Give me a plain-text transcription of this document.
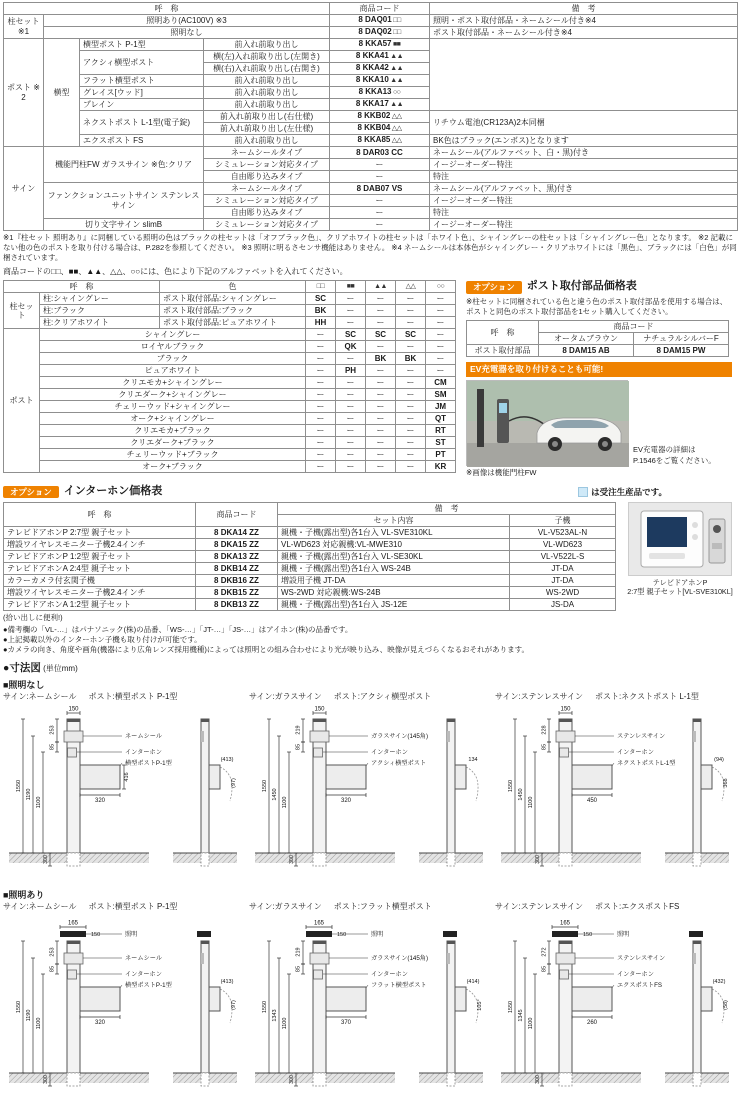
呼　称				商品コード	備　考
柱セット ※1	照明あり(AC100V) ※3			8 DAQ01 □□	照明・ポスト取付部品・ネームシール付き※4
	照明なし			8 DAQ02 □□	ポスト取付部品・ネームシール付き※4
ポスト ※2	横型	横型ポスト P-1型	前入れ前取り出し	8 KKA57 ■■	
		アクシィ横型ポスト	横(左)入れ前取り出し(左開き)	8 KKA41 ▲▲	
			横(右)入れ前取り出し(右開き)	8 KKA42 ▲▲	
		フラット横型ポスト	前入れ前取り出し	8 KKA10 ▲▲	
		グレイス[ウッド]	前入れ前取り出し	8 KKA13 ○○	
		プレイン	前入れ前取り出し	8 KKA17 ▲▲	
		ネクストポスト L-1型(電子錠)	前入れ前取り出し(右仕様)	8 KKB02 △△	リチウム電池(CR123A)2本同梱
			前入れ前取り出し(左仕様)	8 KKB04 △△	
		エクスポスト FS	前入れ前取り出し	8 KKA85 △△	BK色はブラック(エンボス)となります
サイン	機能門柱FW ガラスサイン ※色:クリア		ネームシールタイプ	8 DAR03 CC	ネームシール(アルファベット、白・黒)付き
			シミュレーション対応タイプ	ー	イージーオーダー特注
			自由彫り込みタイプ	ー	特注
	ファンクションユニットサイン ステンレスサイン		ネームシールタイプ	8 DAB07 VS	ネームシール(アルファベット、黒)付き
			シミュレーション対応タイプ	ー	イージーオーダー特注
			自由彫り込みタイプ	ー	特注
	切り文字サイン slimB		シミュレーション対応タイプ	ー	イージーオーダー特注
※1『柱セット 照明あり』に同梱している照明の色はブラックの柱セットは「オフブラック色」、クリアホワイトの柱セットは「ホワイト色」、シャイングレーの柱セットは「シャイングレー色」となります。 ※2 記載にない他の色のポストを取り付ける場合は、P.282を参照してください。 ※3 照明に明るさセンサ機能はありません。 ※4 ネームシールは本体色がシャイングレー・クリアホワイトには「黒色」、ブラックには「白色」が同梱されています。
商品コードの□□、■■、▲▲、△△、○○には、色により下記のアルファベットを入れてください。
呼　称		色	□□	■■	▲▲	△△	○○
柱セット	柱:シャイングレー	ポスト取付部品:シャイングレー	SC	ー	ー	ー	ー
	柱:ブラック	ポスト取付部品:ブラック	BK	ー	ー	ー	ー
	柱:クリアホワイト	ポスト取付部品:ピュアホワイト	HH	ー	ー	ー	ー
ポスト	シャイングレー		ー	SC	SC	SC	ー
	ロイヤルブラック		ー	QK	ー	ー	ー
	ブラック		ー	ー	BK	BK	ー
	ピュアホワイト		ー	PH	ー	ー	ー
	クリエモカ+シャイングレー		ー	ー	ー	ー	CM
	クリエダーク+シャイングレー		ー	ー	ー	ー	SM
	チェリーウッド+シャイングレー		ー	ー	ー	ー	JM
	オーク+シャイングレー		ー	ー	ー	ー	QT
	クリエモカ+ブラック		ー	ー	ー	ー	RT
	クリエダーク+ブラック		ー	ー	ー	ー	ST
	チェリーウッド+ブラック		ー	ー	ー	ー	PT
	オーク+ブラック		ー	ー	ー	ー	KR
オプション	ポスト取付部品価格表
※柱セットに同梱されている色と違う色のポスト取付部品を使用する場合は、ポストと同色のポスト取付部品を1セット購入してください。
呼　称	商品コード	
	オータムブラウン	ナチュラルシルバーF
ポスト取付部品	8 DAM15 AB	8 DAM15 PW
EV充電器を取り付けることも可能!
EV充電器の詳細は
P.1546をご覧ください。
※画像は機能門柱FW
オプション	インターホン価格表	は受注生産品です。
呼　称	商品コード	備　考	
		セット内容	子機
テレビドアホンP 2:7型 親子セット	8 DKA14 ZZ	親機・子機(露出型)各1台入 VL-SVE310KL	VL-V523AL-N
増設ワイヤレスモニター子機2.4インチ	8 DKA15 ZZ	VL-WD623 対応親機:VL-MWE310	VL-WD623
テレビドアホンP 1:2型 親子セット	8 DKA13 ZZ	親機・子機(露出型)各1台入 VL-SE30KL	VL-V522L-S
テレビドアホンA 2:4型 親子セット	8 DKB14 ZZ	親機・子機(露出型)各1台入 WS-24B	JT-DA
カラーカメラ付玄関子機	8 DKB16 ZZ	増設用子機 JT-DA	JT-DA
増設ワイヤレスモニター子機2.4インチ	8 DKB15 ZZ	WS-2WD 対応親機:WS-24B	WS-2WD
テレビドアホンA 1:2型 親子セット	8 DKB13 ZZ	親機・子機(露出型)各1台入 JS-12E	JS-DA
(拾い出しに便利!)
●備考欄の「VL-…」はパナソニック(株)の品番、「WS-…」「JT-…」「JS-…」はアイホン(株)の品番です。
●上記掲載以外のインターホン子機も取り付けが可能です。
●カメラの向き、角度や画角(機器により広角レンズ採用機種)によっては照明との組み合わせにより光が映り込み、映像が見えづらくなるおそれがあります。
テレビドアホンP
2:7型 親子セット[VL-SVE310KL]
●寸法図 (単位mm)
■照明なし
サイン:ネームシール ポスト:横型ポスト P-1型
150
ネームシール
インターホン
横型ポストP-1型
320
416
253
85
1550
1190
1100
300
(413)
(97)
サイン:ガラスサイン ポスト:アクシィ横型ポスト
150
ガラスサイン(145角)
インターホン
アクシィ横型ポスト
320
219
85
1550
1450
1100
300
134
サイン:ステンレスサイン ポスト:ネクストポスト L-1型
150
ステンレスサイン
インターホン
ネクストポストL-1型
450
228
85
1550
1450
1100
300
(94)
368
■照明あり
サイン:ネームシール ポスト:横型ポスト P-1型
165
150	照明
ネームシール
インターホン
横型ポストP-1型
320
253
85
1550
1190
1100
300
(413)
(97)
サイン:ガラスサイン ポスト:フラット横型ポスト
165
150	照明
ガラスサイン(145角)
インターホン
フラット横型ポスト
370
219
85
1550
1343
1100
300
(414)
105°
サイン:ステンレスサイン ポスト:エクスポストFS
165
150	照明
ステンレスサイン
インターホン
エクスポストFS
260
272
85
1550
1345
1100
300
(432)
(58)
